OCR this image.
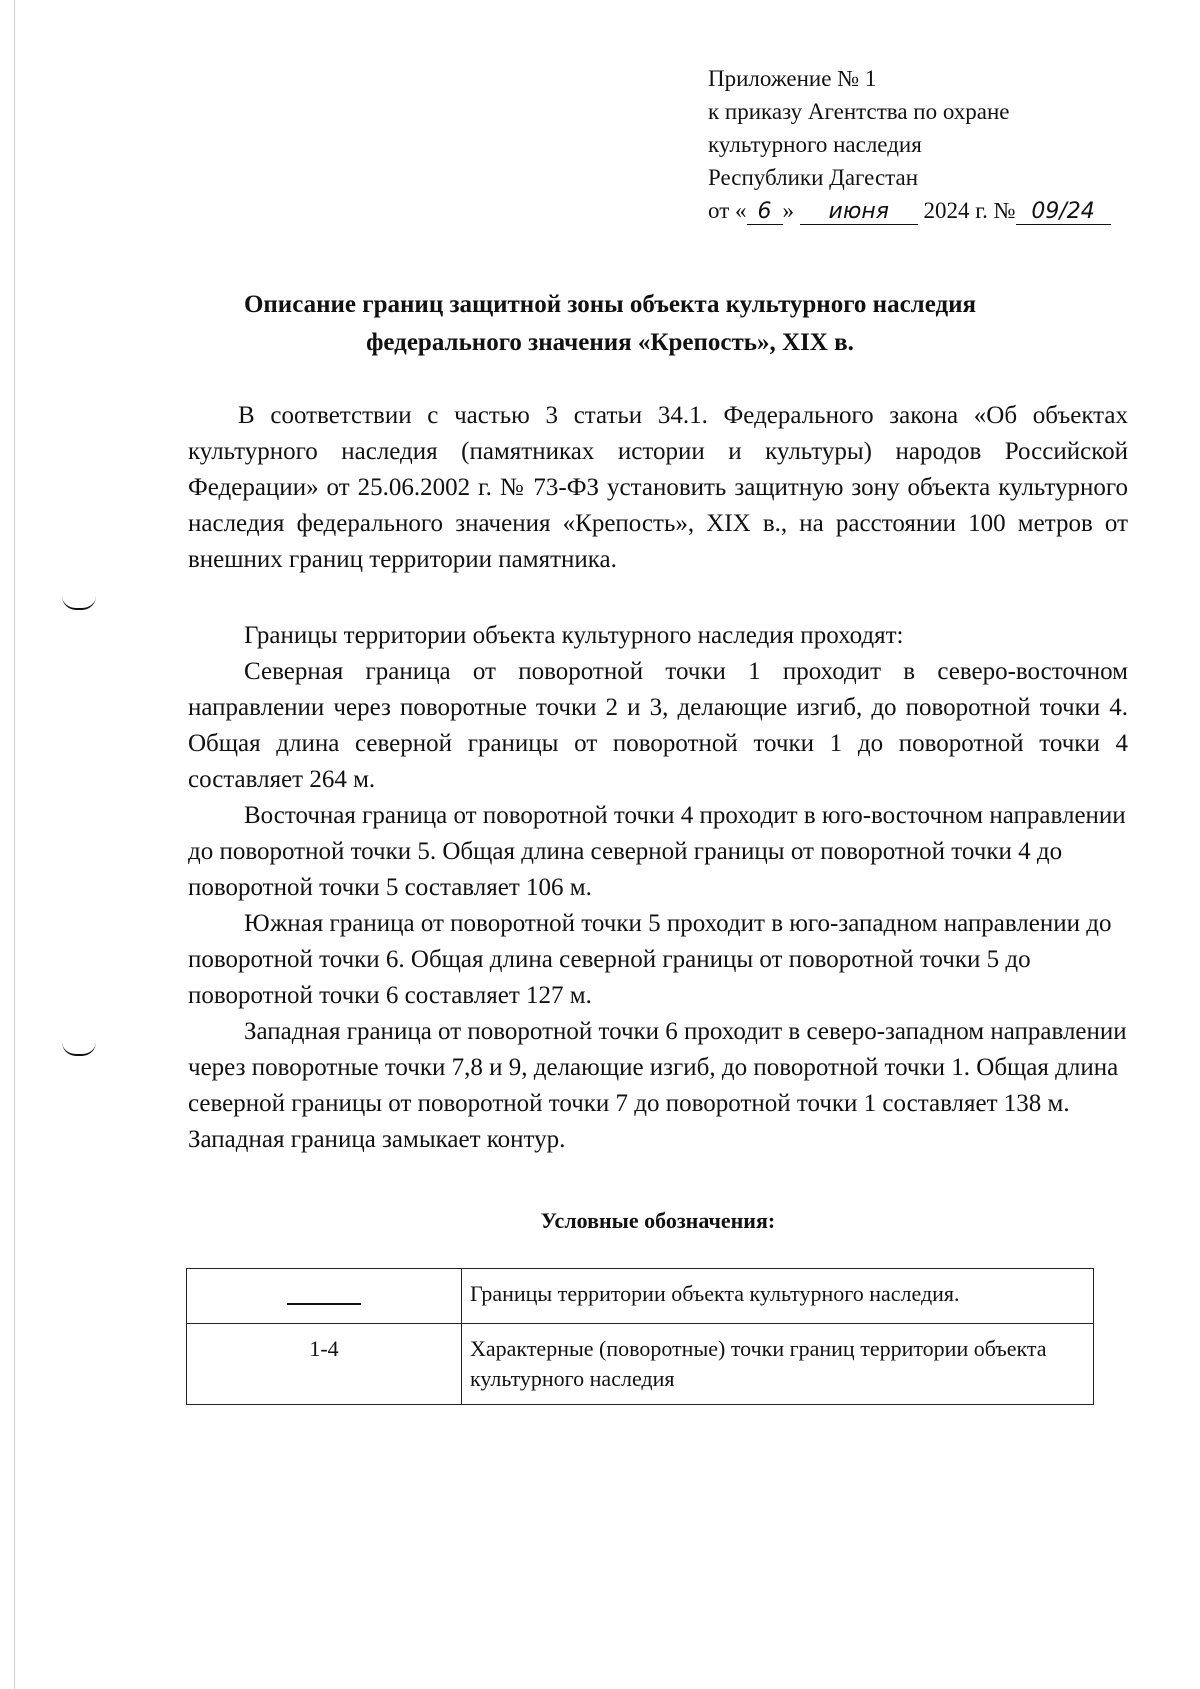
Приложение № 1
к приказу Агентства по охране
культурного наследия
Республики Дагестан
от « 6 » июня 2024 г. № 09/24
Описание границ защитной зоны объекта культурного наследия
федерального значения «Крепость», XIX в.

В соответствии с частью 3 статьи 34.1. Федерального закона «Об объектах культурного наследия (памятниках истории и культуры) народов Российской Федерации» от 25.06.2002 г. № 73-ФЗ установить защитную зону объекта культурного наследия федерального значения «Крепость», XIX в., на расстоянии 100 метров от внешних границ территории памятника.

Границы территории объекта культурного наследия проходят:

Северная граница от поворотной точки 1 проходит в северо-восточном направлении через поворотные точки 2 и 3, делающие изгиб, до поворотной точки 4. Общая длина северной границы от поворотной точки 1 до поворотной точки 4 составляет 264 м.

Восточная граница от поворотной точки 4 проходит в юго-восточном направлении до поворотной точки 5. Общая длина северной границы от поворотной точки 4 до поворотной точки 5 составляет 106 м.

Южная граница от поворотной точки 5 проходит в юго-западном направлении до поворотной точки 6. Общая длина северной границы от поворотной точки 5 до поворотной точки 6 составляет 127 м.

Западная граница от поворотной точки 6 проходит в северо-западном направлении через поворотные точки 7,8 и 9, делающие изгиб, до поворотной точки 1. Общая длина северной границы от поворотной точки 7 до поворотной точки 1 составляет 138 м. Западная граница замыкает контур.

Условные обозначения:
	Границы территории объекта культурного наследия.
1-4	Характерные (поворотные) точки границ территории объекта культурного наследия
